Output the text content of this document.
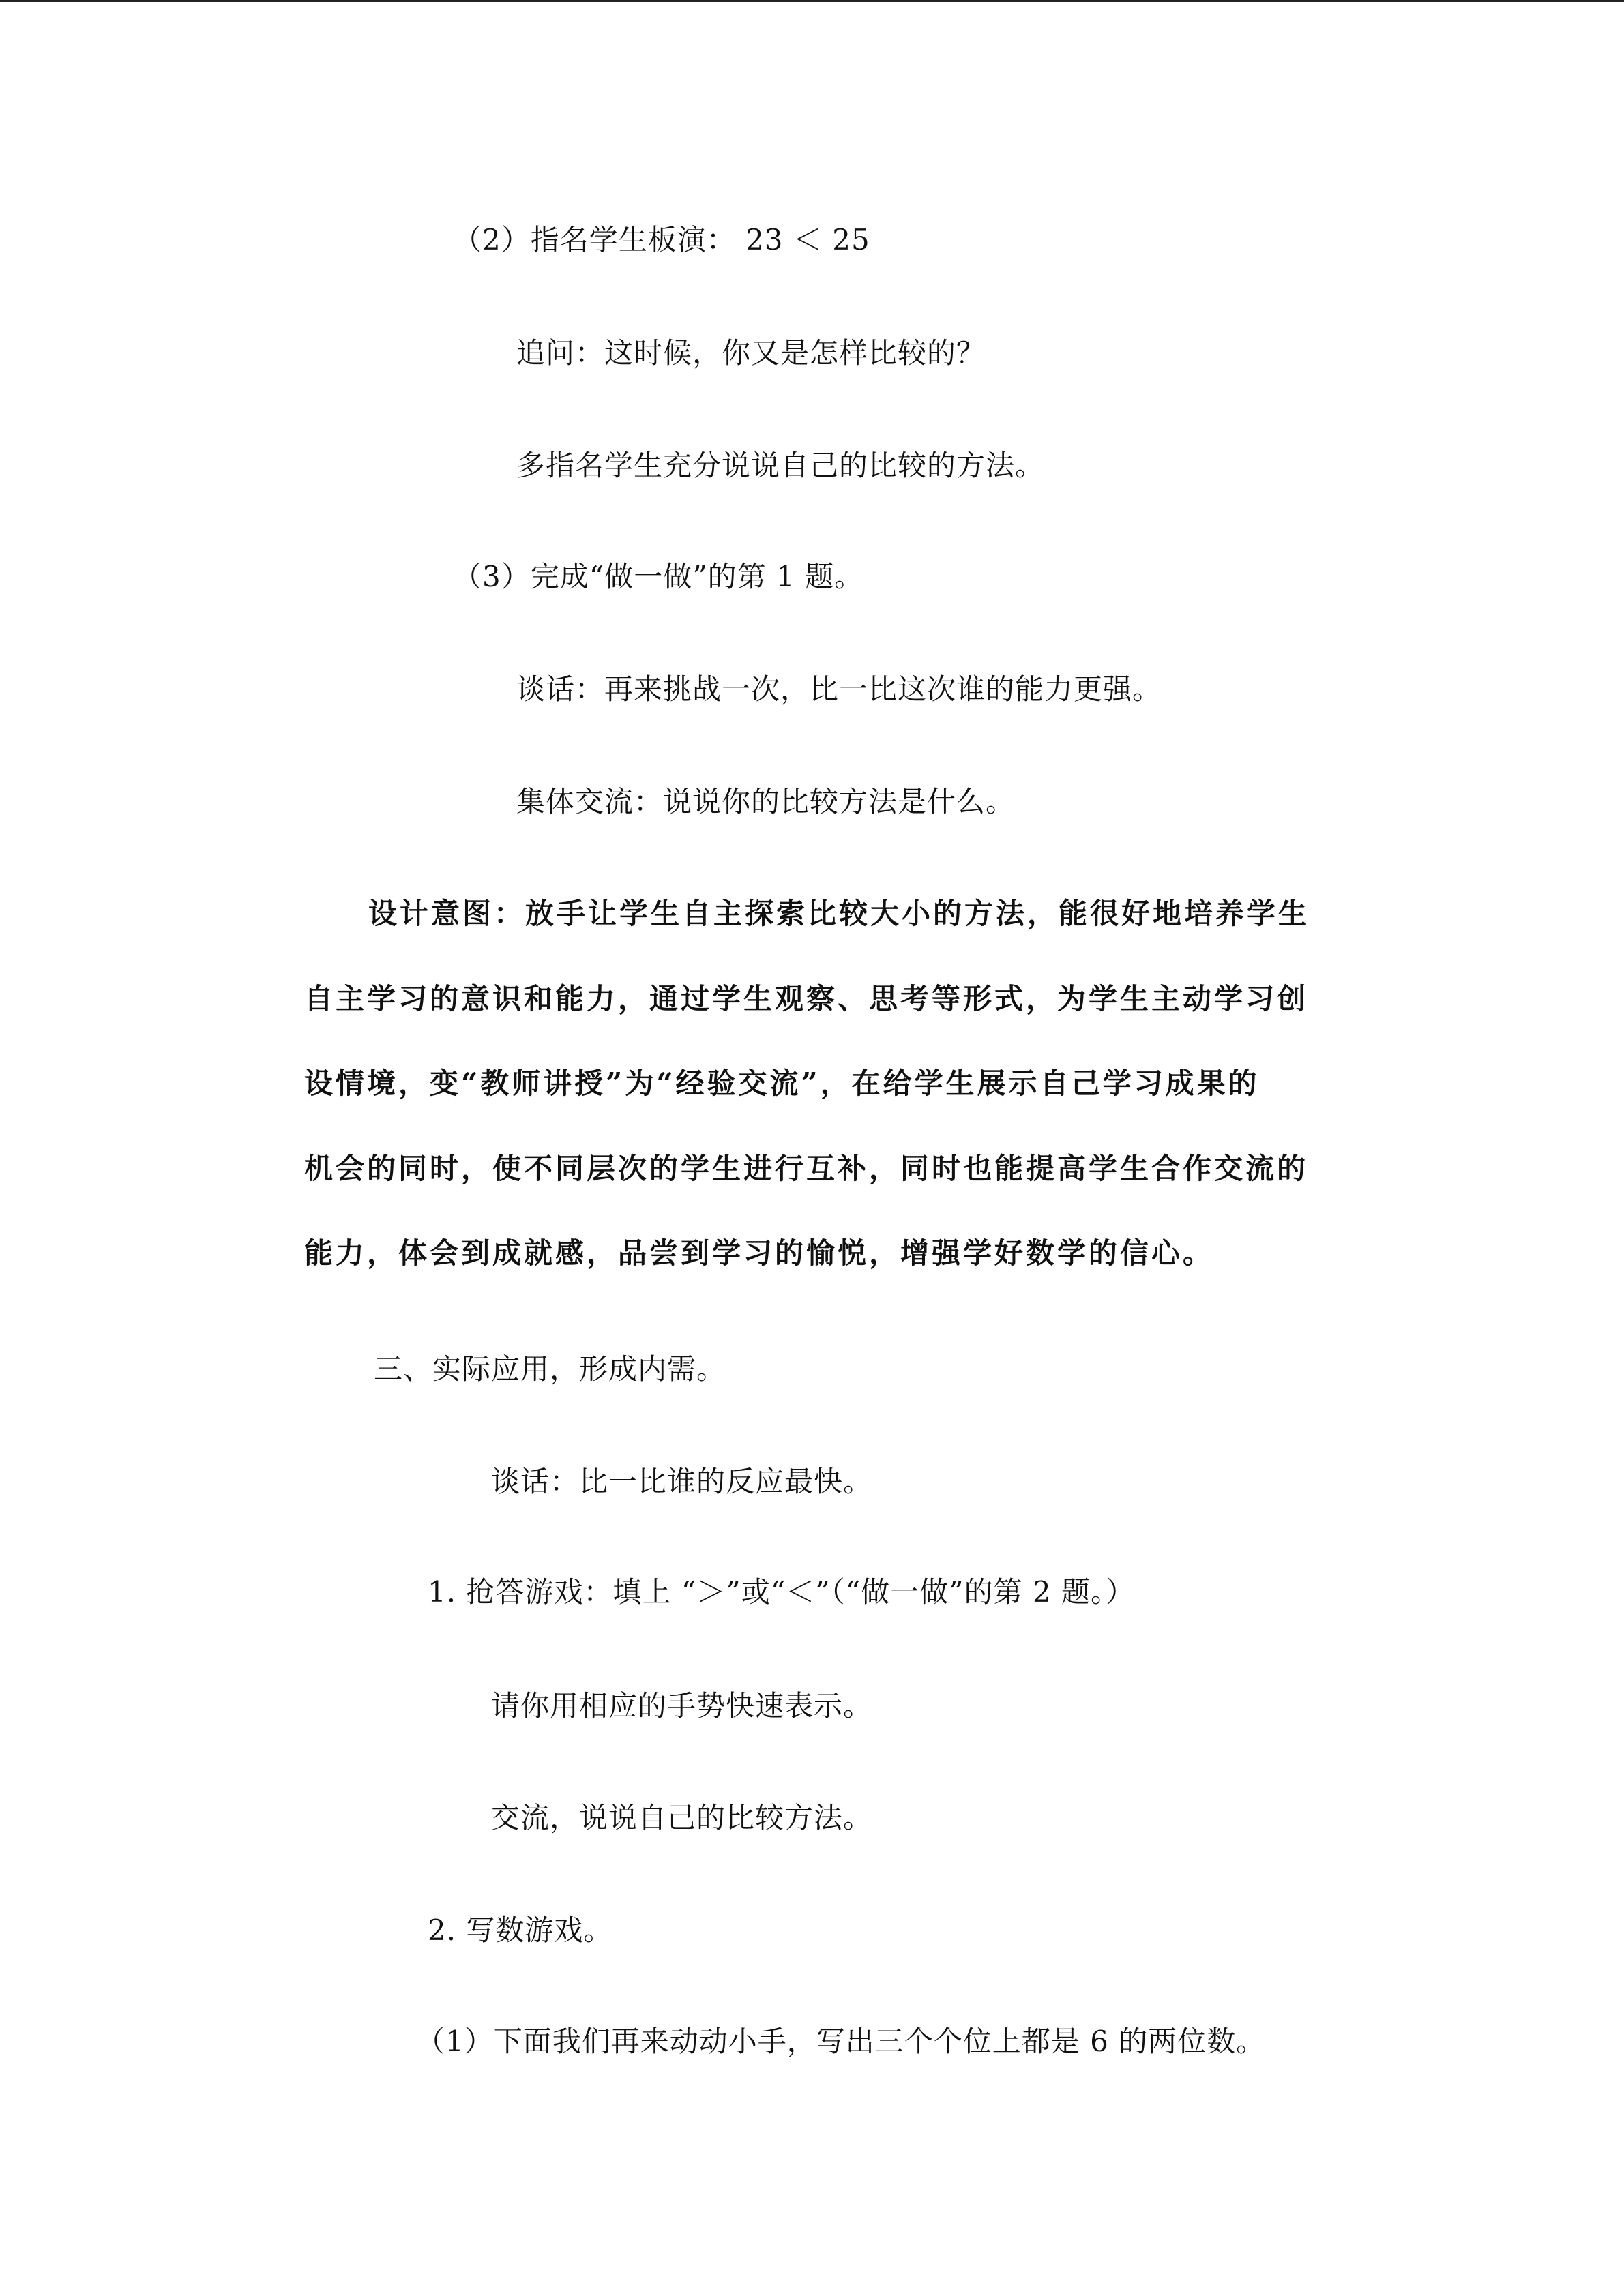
（2）指名学生板演： 23 ＜ 25
追问：这时候，你又是怎样比较的？
多指名学生充分说说自己的比较的方法。
（3）完成“做一做”的第 1 题。
谈话：再来挑战一次，比一比这次谁的能力更强。
集体交流：说说你的比较方法是什么。
设计意图：放手让学生自主探索比较大小的方法，能很好地培养学生
自主学习的意识和能力，通过学生观察、思考等形式，为学生主动学习创
设情境，变“教师讲授”为“经验交流”，在给学生展示自己学习成果的
机会的同时，使不同层次的学生进行互补，同时也能提高学生合作交流的
能力，体会到成就感，品尝到学习的愉悦，增强学好数学的信心。
三、实际应用，形成内需。
谈话：比一比谁的反应最快。
1. 抢答游戏：填上 “＞”或“＜”（“做一做”的第 2 题。）
请你用相应的手势快速表示。
交流，说说自己的比较方法。
2. 写数游戏。
（1）下面我们再来动动小手，写出三个个位上都是 6 的两位数。
